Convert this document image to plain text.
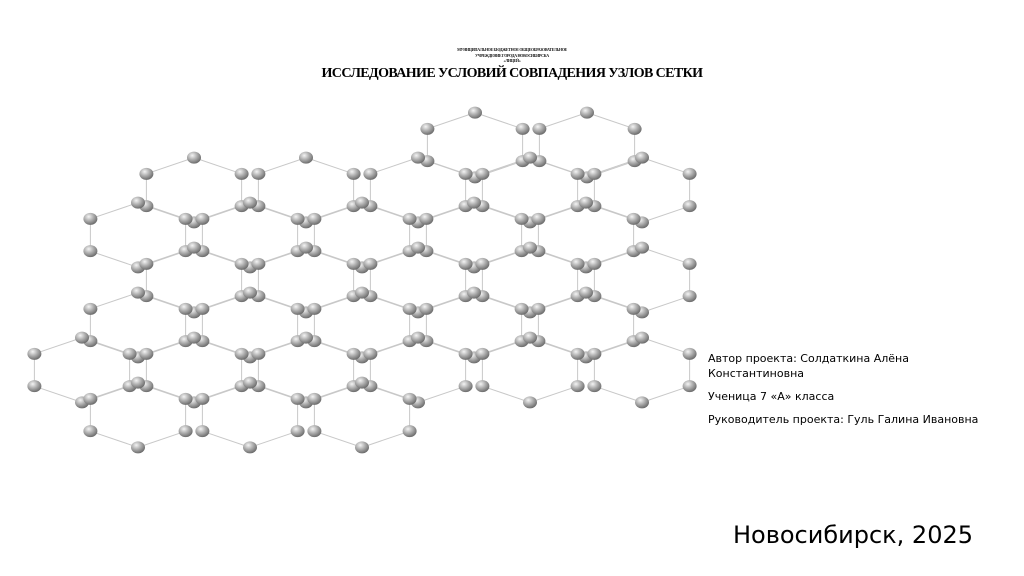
МУНИЦИПАЛЬНОЕ БЮДЖЕТНОЕ ОБЩЕОБРАЗОВАТЕЛЬНОЕ
УЧРЕЖДЕНИЕ ГОРОДА НОВОСИБИРСКА
«ЛИЦЕЙ»
ИССЛЕДОВАНИЕ УСЛОВИЙ СОВПАДЕНИЯ УЗЛОВ СЕТКИ

Автор проекта: Солдаткина Алёна Константиновна

Ученица 7 «А» класса

Руководитель проекта: Гуль Галина Ивановна

Новосибирск, 2025
